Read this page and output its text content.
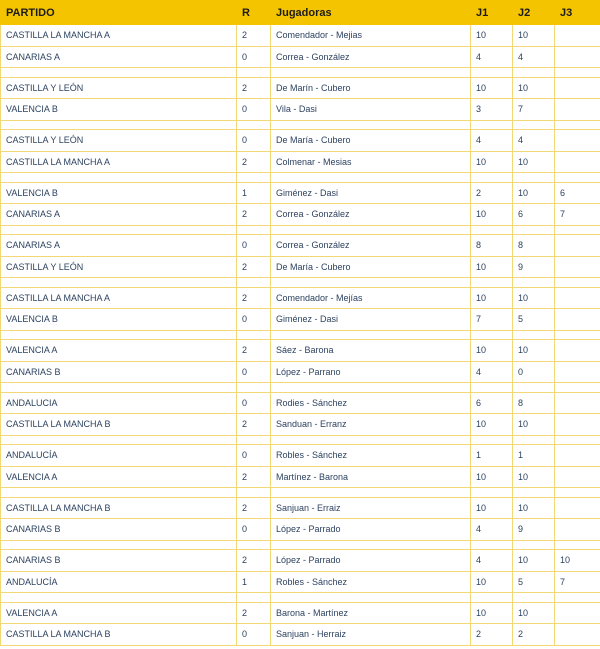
PARTIDO	R	Jugadoras	J1	J2	J3
CASTILLA LA MANCHA A	2	Comendador - Mejias	10	10	
CANARIAS A	0	Correa - González	4	4	

CASTILLA Y LEÓN	2	De Marín - Cubero	10	10	
VALENCIA B	0	Vila - Dasi	3	7	

CASTILLA Y LEÓN	0	De María - Cubero	4	4	
CASTILLA LA MANCHA A	2	Colmenar - Mesias	10	10	

VALENCIA B	1	Giménez - Dasi	2	10	6
CANARIAS A	2	Correa - González	10	6	7

CANARIAS A	0	Correa - González	8	8	
CASTILLA Y LEÓN	2	De María - Cubero	10	9	

CASTILLA LA MANCHA A	2	Comendador - Mejías	10	10	
VALENCIA B	0	Giménez - Dasi	7	5	

VALENCIA A	2	Sáez - Barona	10	10	
CANARIAS B	0	López - Parrano	4	0	

ANDALUCIA	0	Rodies - Sánchez	6	8	
CASTILLA LA MANCHA B	2	Sanduan - Erranz	10	10	

ANDALUCÍA	0	Robles - Sánchez	1	1	
VALENCIA A	2	Martínez - Barona	10	10	

CASTILLA LA MANCHA B	2	Sanjuan - Erraiz	10	10	
CANARIAS B	0	López - Parrado	4	9	

CANARIAS B	2	López - Parrado	4	10	10
ANDALUCÍA	1	Robles - Sánchez	10	5	7

VALENCIA A	2	Barona - Martínez	10	10	
CASTILLA LA MANCHA B	0	Sanjuan - Herraiz	2	2	
